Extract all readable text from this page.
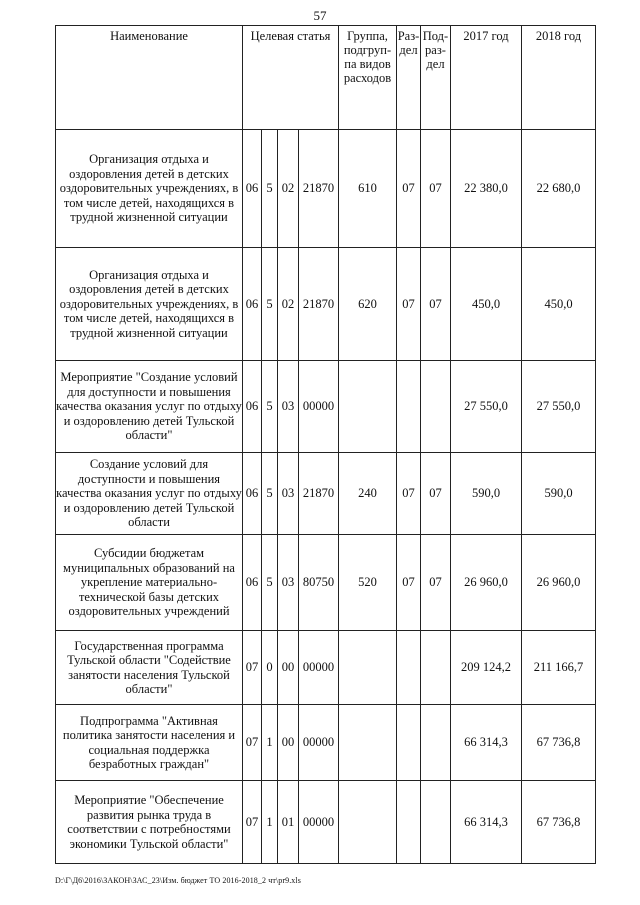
57
Наименование	Целевая статья				Группа, подгруп-па видов расходов	Раз-дел	Под-раз-дел	2017 год	2018 год
Организация отдыха и оздоровления детей в детских оздоровительных учреждениях, в том числе детей, находящихся в трудной жизненной ситуации	06	5	02	21870	610	07	07	22 380,0	22 680,0
Организация отдыха и оздоровления детей в детских оздоровительных учреждениях, в том числе детей, находящихся в трудной жизненной ситуации	06	5	02	21870	620	07	07	450,0	450,0
Мероприятие "Создание условий для доступности и повышения качества оказания услуг по отдыху и оздоровлению детей Тульской области"	06	5	03	00000				27 550,0	27 550,0
Создание условий для доступности и повышения качества оказания услуг по отдыху и оздоровлению детей Тульской области	06	5	03	21870	240	07	07	590,0	590,0
Субсидии бюджетам муниципальных образований на укрепление материально-технической базы детских оздоровительных учреждений	06	5	03	80750	520	07	07	26 960,0	26 960,0
Государственная программа Тульской области "Содействие занятости населения Тульской области"	07	0	00	00000				209 124,2	211 166,7
Подпрограмма "Активная политика занятости населения и социальная поддержка безработных граждан"	07	1	00	00000				66 314,3	67 736,8
Мероприятие "Обеспечение развития рынка труда в соответствии с потребностями экономики Тульской области"	07	1	01	00000				66 314,3	67 736,8
D:\Г\Д6\2016\ЗАКОН\ЗАС_23\Изм. бюджет ТО 2016-2018_2 чт\pr9.xls
